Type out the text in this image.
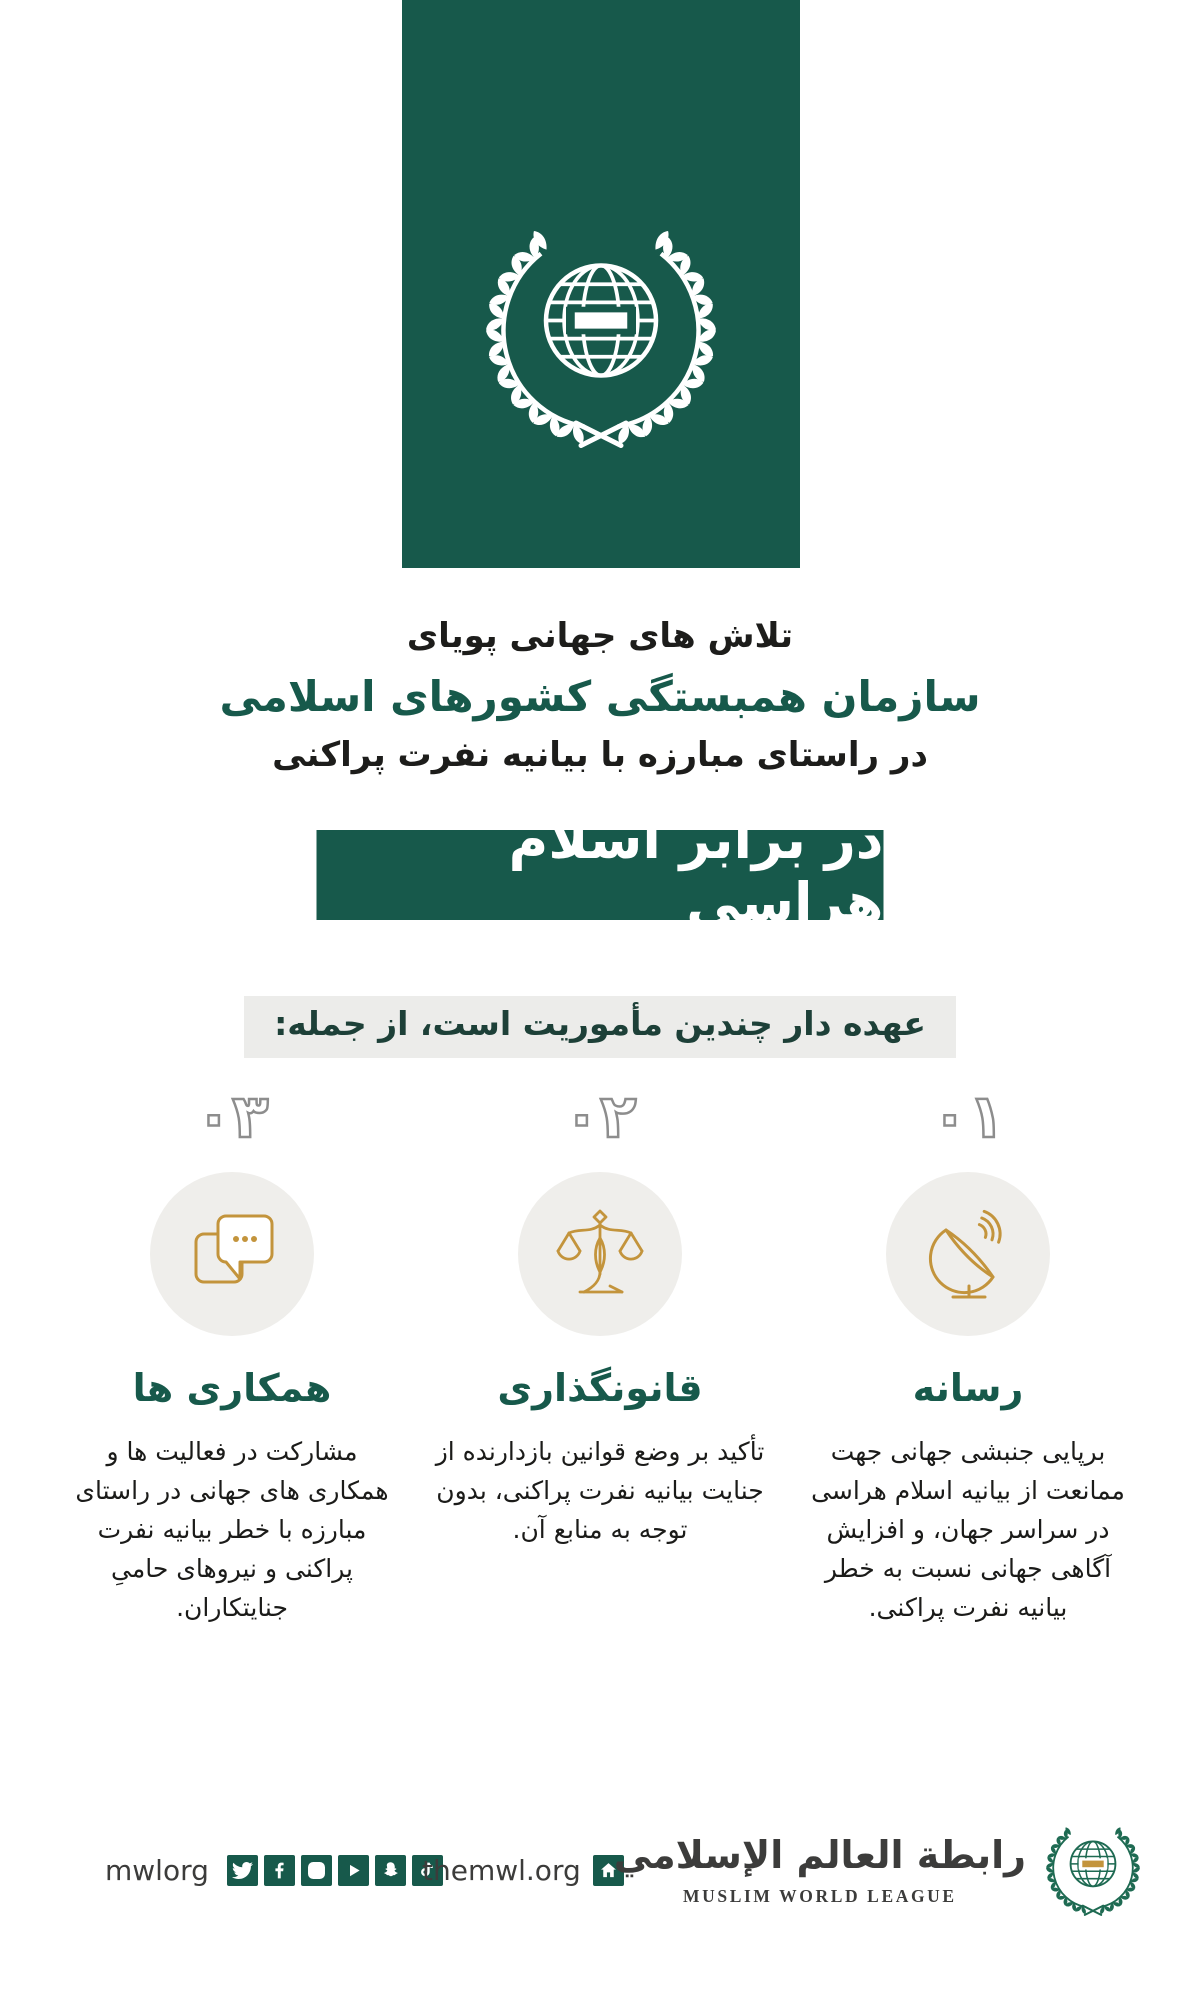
تلاش های جهانی پویای
سازمان همبستگی کشورهای اسلامی
در راستای مبارزه با بیانیه نفرت پراکنی
در برابر اسلام هراسی
عهده دار چندین مأموریت است، از جمله:
۰۱
رسانه
برپایی جنبشی جهانی جهت ممانعت از بیانیه اسلام هراسی در سراسر جهان، و افزایش آگاهی جهانی نسبت به خطر بیانیه نفرت پراکنی.
۰۲
قانونگذاری
تأکید بر وضع قوانین بازدارنده از جنایت بیانیه نفرت پراکنی، بدون توجه به منابع آن.
۰۳
همکاری ها
مشارکت در فعالیت ها و همکاری های جهانی در راستای مبارزه با خطر بیانیه نفرت پراکنی و نیروهای حامیِ جنایتکاران.
mwlorg	themwl.org رابطة العالم الإسلامي
MUSLIM WORLD LEAGUE
